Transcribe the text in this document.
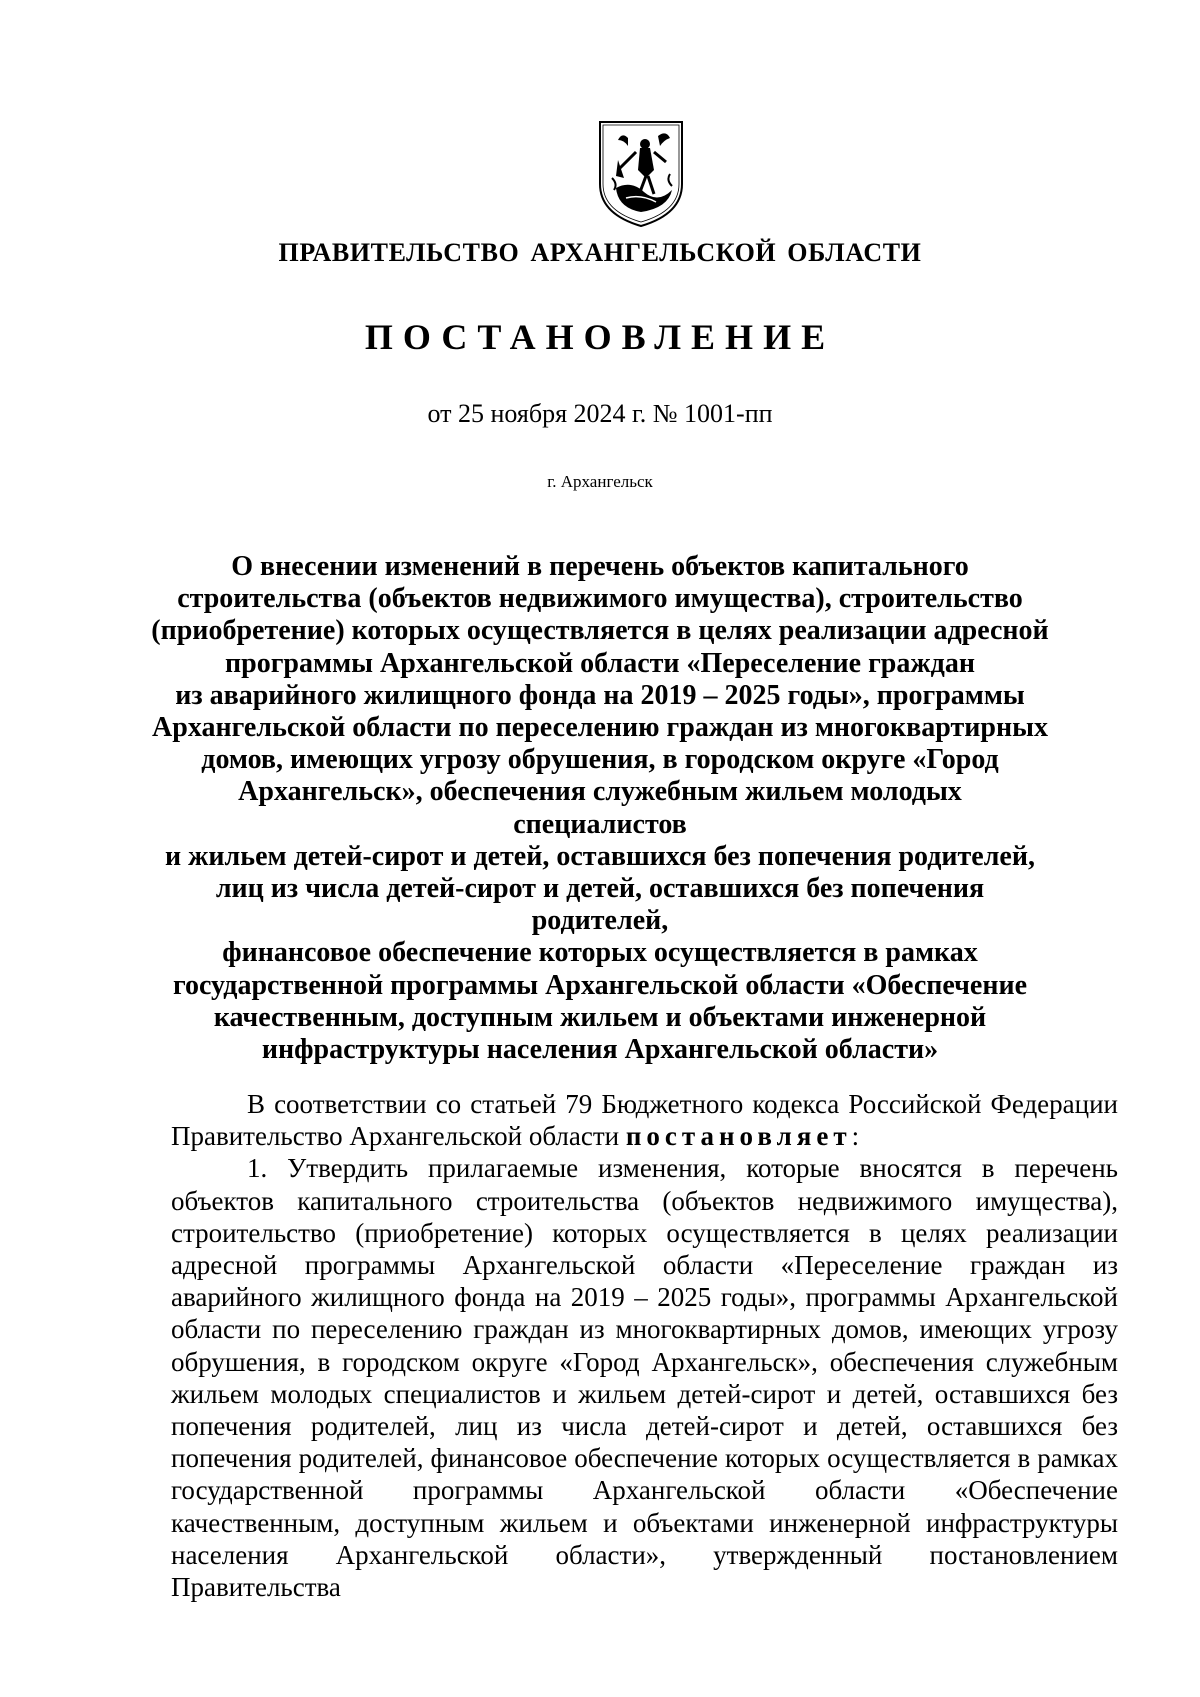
ПРАВИТЕЛЬСТВО АРХАНГЕЛЬСКОЙ ОБЛАСТИ
ПОСТАНОВЛЕНИЕ
от 25 ноября 2024 г. № 1001-пп
г. Архангельск
О внесении изменений в перечень объектов капитального
строительства (объектов недвижимого имущества), строительство
(приобретение) которых осуществляется в целях реализации адресной
программы Архангельской области «Переселение граждан
из аварийного жилищного фонда на 2019 – 2025 годы», программы
Архангельской области по переселению граждан из многоквартирных
домов, имеющих угрозу обрушения, в городском округе «Город
Архангельск», обеспечения служебным жильем молодых специалистов
и жильем детей-сирот и детей, оставшихся без попечения родителей,
лиц из числа детей-сирот и детей, оставшихся без попечения родителей,
финансовое обеспечение которых осуществляется в рамках
государственной программы Архангельской области «Обеспечение
качественным, доступным жильем и объектами инженерной
инфраструктуры населения Архангельской области»

В соответствии со статьей 79 Бюджетного кодекса Российской Федерации Правительство Архангельской области постановляет:

1. Утвердить прилагаемые изменения, которые вносятся в перечень объектов капитального строительства (объектов недвижимого имущества), строительство (приобретение) которых осуществляется в целях реализации адресной программы Архангельской области «Переселение граждан из аварийного жилищного фонда на 2019 – 2025 годы», программы Архангельской области по переселению граждан из многоквартирных домов, имеющих угрозу обрушения, в городском округе «Город Архангельск», обеспечения служебным жильем молодых специалистов и жильем детей-сирот и детей, оставшихся без попечения родителей, лиц из числа детей-сирот и детей, оставшихся без попечения родителей, финансовое обеспечение которых осуществляется в рамках государственной программы Архангельской области «Обеспечение качественным, доступным жильем и объектами инженерной инфраструктуры населения Архангельской области», утвержденный постановлением Правительства
